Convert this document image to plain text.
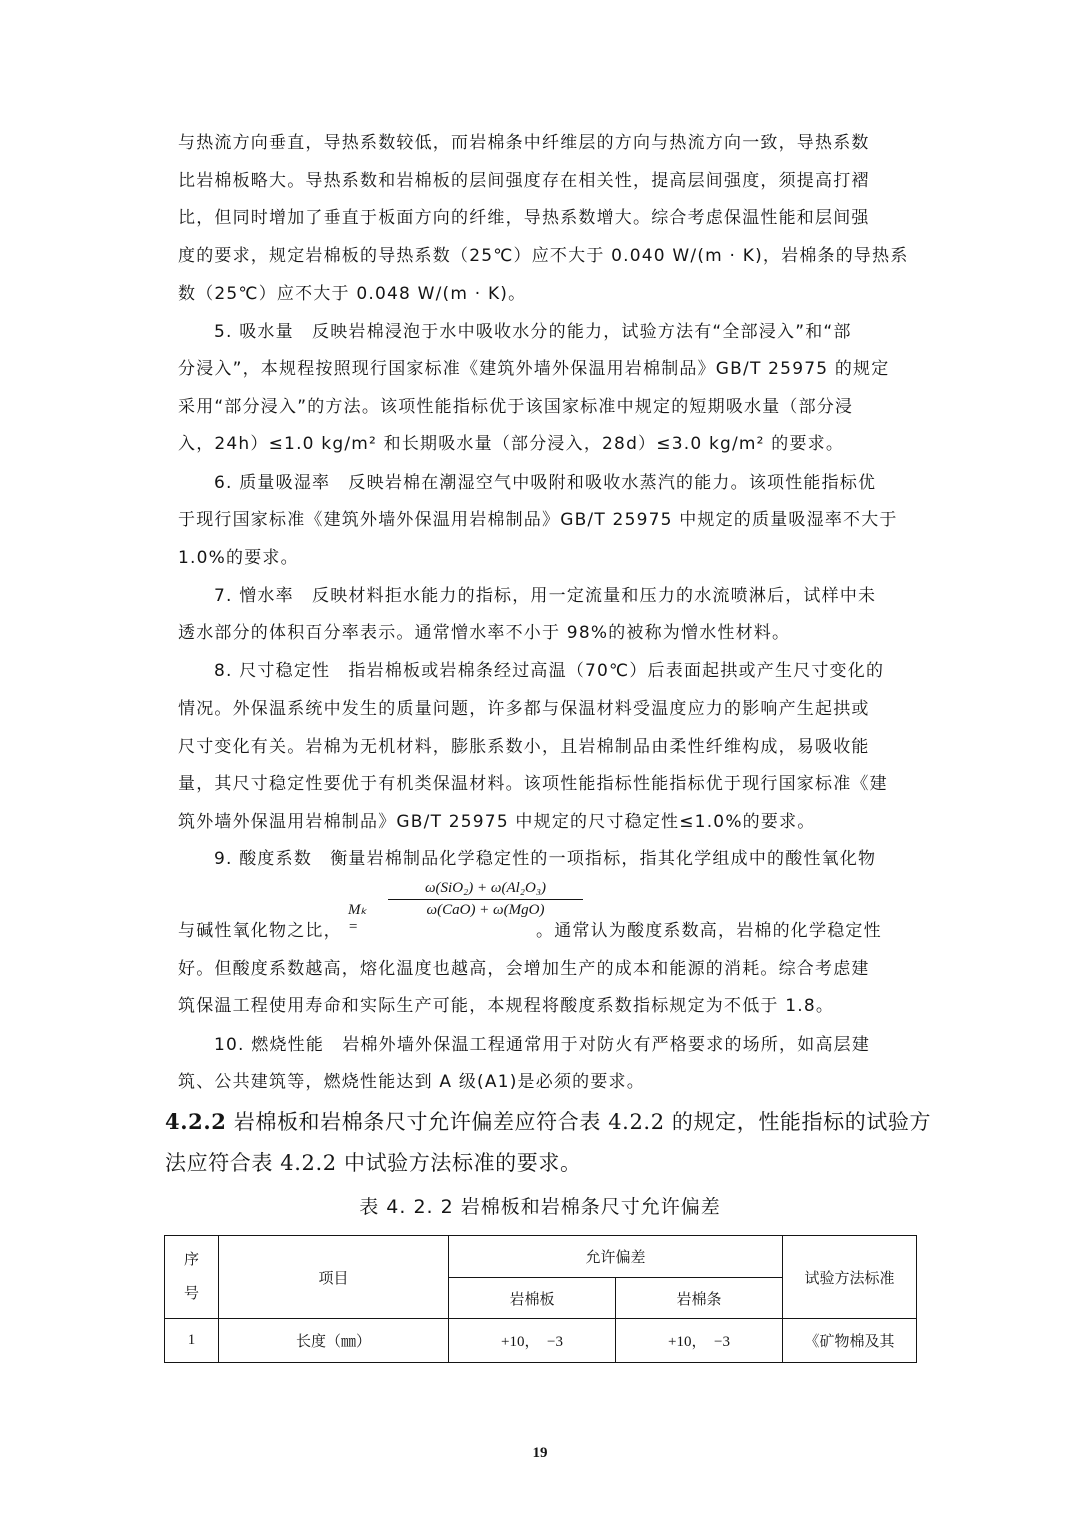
与热流方向垂直，导热系数较低，而岩棉条中纤维层的方向与热流方向一致，导热系数
比岩棉板略大。导热系数和岩棉板的层间强度存在相关性，提高层间强度，须提高打褶
比，但同时增加了垂直于板面方向的纤维，导热系数增大。综合考虑保温性能和层间强
度的要求，规定岩棉板的导热系数（25℃）应不大于 0.040 W/(m · K)，岩棉条的导热系
数（25℃）应不大于 0.048 W/(m · K)。
5. 吸水量　反映岩棉浸泡于水中吸收水分的能力，试验方法有“全部浸入”和“部
分浸入”，本规程按照现行国家标准《建筑外墙外保温用岩棉制品》GB/T 25975 的规定
采用“部分浸入”的方法。该项性能指标优于该国家标准中规定的短期吸水量（部分浸
入，24h）≤1.0 kg/m² 和长期吸水量（部分浸入，28d）≤3.0 kg/m² 的要求。
6. 质量吸湿率　反映岩棉在潮湿空气中吸附和吸收水蒸汽的能力。该项性能指标优
于现行国家标准《建筑外墙外保温用岩棉制品》GB/T 25975 中规定的质量吸湿率不大于
1.0%的要求。
7. 憎水率　反映材料拒水能力的指标，用一定流量和压力的水流喷淋后，试样中未
透水部分的体积百分率表示。通常憎水率不小于 98%的被称为憎水性材料。
8. 尺寸稳定性　指岩棉板或岩棉条经过高温（70℃）后表面起拱或产生尺寸变化的
情况。外保温系统中发生的质量问题，许多都与保温材料受温度应力的影响产生起拱或
尺寸变化有关。岩棉为无机材料，膨胀系数小，且岩棉制品由柔性纤维构成，易吸收能
量，其尺寸稳定性要优于有机类保温材料。该项性能指标性能指标优于现行国家标准《建
筑外墙外保温用岩棉制品》GB/T 25975 中规定的尺寸稳定性≤1.0%的要求。
9. 酸度系数　衡量岩棉制品化学稳定性的一项指标，指其化学组成中的酸性氧化物
与碱性氧化物之比，
Mₖ =
ω(SiO₂) + ω(Al₂O₃)
ω(CaO) + ω(MgO)
。通常认为酸度系数高，岩棉的化学稳定性
好。但酸度系数越高，熔化温度也越高，会增加生产的成本和能源的消耗。综合考虑建
筑保温工程使用寿命和实际生产可能，本规程将酸度系数指标规定为不低于 1.8。
10. 燃烧性能　岩棉外墙外保温工程通常用于对防火有严格要求的场所，如高层建
筑、公共建筑等，燃烧性能达到 A 级(A1)是必须的要求。
4.2.2 岩棉板和岩棉条尺寸允许偏差应符合表 4.2.2 的规定，性能指标的试验方
法应符合表 4.2.2 中试验方法标准的要求。
表 4. 2. 2 岩棉板和岩棉条尺寸允许偏差
序
号	项目	允许偏差		试验方法标准
		岩棉板	岩棉条	
1	长度（㎜）	+10，　−3	+10，　−3	《矿物棉及其
19
